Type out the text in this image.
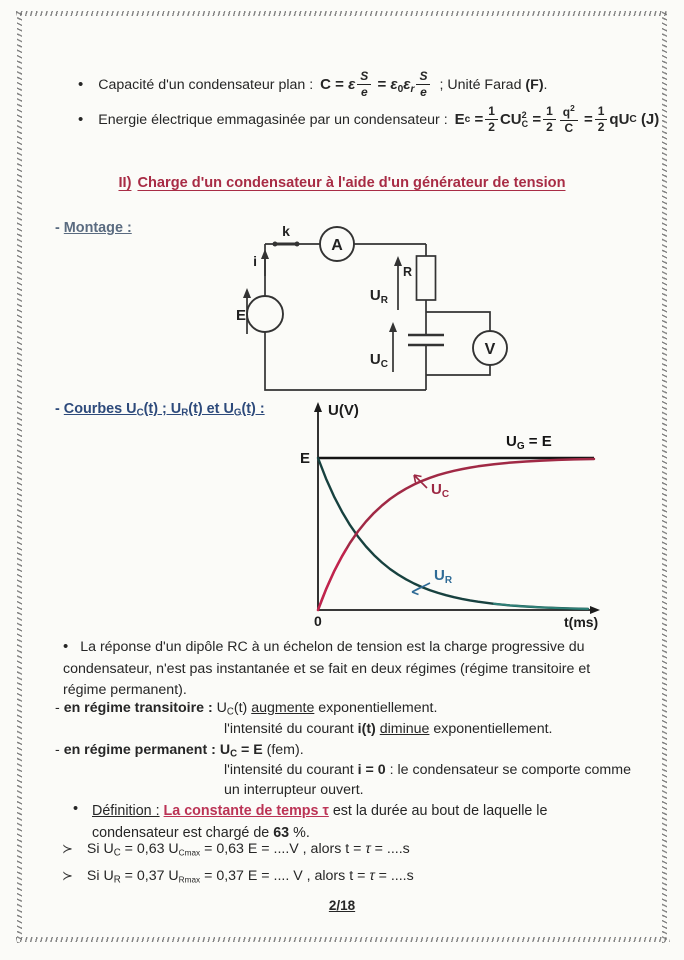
• Capacité d'un condensateur plan : C = ε $\frac{S}{e} = \varepsilon_0\varepsilon_r \frac{S}{e}$ ; Unité Farad (F).
• Energie électrique emmagasinée par un condensateur : E c
= $\frac{1}{2}$ CU 2
C
= $\frac{1}{2} \frac{q^2}{C}$
= $\frac{1}{2}$ qU C
(J)
II) Charge d'un condensateur à l'aide d'un générateur de tension
- Montage :	k
i
A
R
E
$U_R$
$U_C$
V
- Courbes $U_C(t)$ ; $U_R(t)$ et $U_G(t)$ :	U(V)
E
$U_G = E$
$U_C$
$U_R$
0	t(ms)
• La réponse d'un dipôle RC à un échelon de tension est la charge progressive du condensateur, n'est pas instantanée et se fait en deux régimes (régime transitoire et régime permanent).
- en régime transitoire : $U_C(t)$ augmente exponentiellement.
l'intensité du courant i(t) diminue exponentiellement.
- en régime permanent : $U_C = E$ (fem).
l'intensité du courant i = 0 : le condensateur se comporte comme
un interrupteur ouvert.
• Définition : La constante de temps τ est la durée au bout de laquelle le condensateur est chargé de 63 %.
≻ Si $U_C = 0,63$ $U_{Cmax} = 0,63$ E = ....V , alors t = τ = ....s
≻ Si $U_R = 0,37$ $U_{Rmax} = 0,37$ E = .... V , alors t = τ = ....s
2/18
